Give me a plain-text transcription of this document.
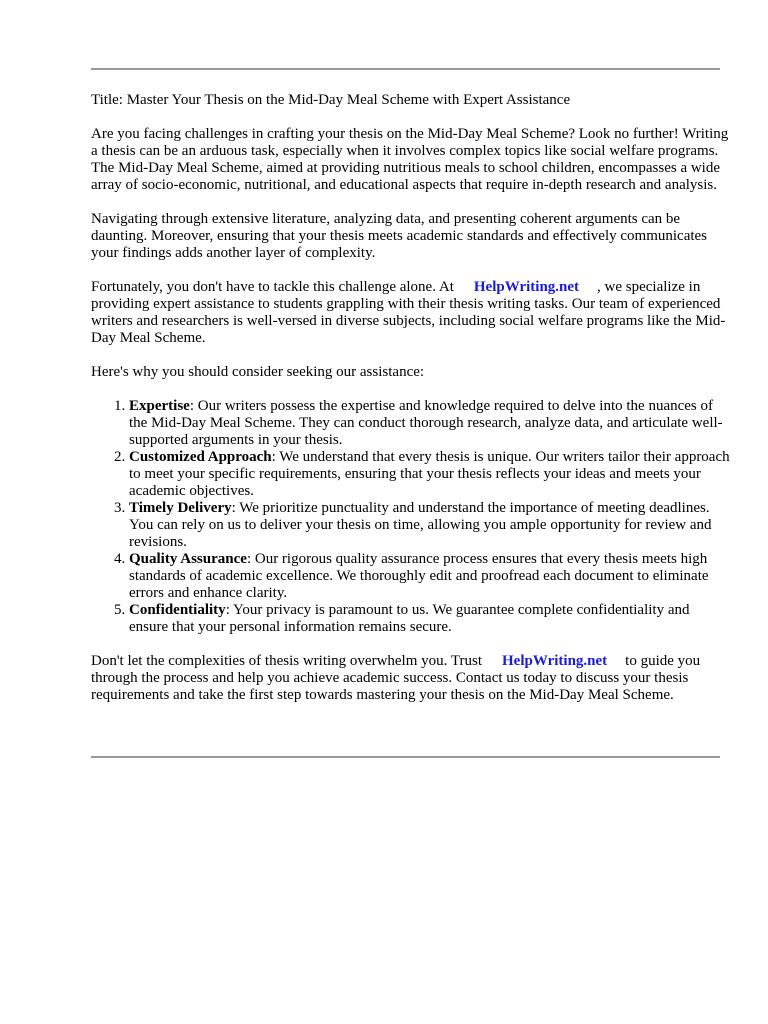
Title: Master Your Thesis on the Mid-Day Meal Scheme with Expert Assistance

Are you facing challenges in crafting your thesis on the Mid-Day Meal Scheme? Look no further! Writing a thesis can be an arduous task, especially when it involves complex topics like social welfare programs. The Mid-Day Meal Scheme, aimed at providing nutritious meals to school children, encompasses a wide array of socio-economic, nutritional, and educational aspects that require in-depth research and analysis.

Navigating through extensive literature, analyzing data, and presenting coherent arguments can be daunting. Moreover, ensuring that your thesis meets academic standards and effectively communicates your findings adds another layer of complexity.

Fortunately, you don't have to tackle this challenge alone. At HelpWriting.net , we specialize in providing expert assistance to students grappling with their thesis writing tasks. Our team of experienced writers and researchers is well-versed in diverse subjects, including social welfare programs like the Mid-Day Meal Scheme.

Here's why you should consider seeking our assistance:

1. Expertise: Our writers possess the expertise and knowledge required to delve into the nuances of the Mid-Day Meal Scheme. They can conduct thorough research, analyze data, and articulate well-supported arguments in your thesis.
2. Customized Approach: We understand that every thesis is unique. Our writers tailor their approach to meet your specific requirements, ensuring that your thesis reflects your ideas and meets your academic objectives.
3. Timely Delivery: We prioritize punctuality and understand the importance of meeting deadlines. You can rely on us to deliver your thesis on time, allowing you ample opportunity for review and revisions.
4. Quality Assurance: Our rigorous quality assurance process ensures that every thesis meets high standards of academic excellence. We thoroughly edit and proofread each document to eliminate errors and enhance clarity.
5. Confidentiality: Your privacy is paramount to us. We guarantee complete confidentiality and ensure that your personal information remains secure.

Don't let the complexities of thesis writing overwhelm you. Trust HelpWriting.net to guide you through the process and help you achieve academic success. Contact us today to discuss your thesis requirements and take the first step towards mastering your thesis on the Mid-Day Meal Scheme.
